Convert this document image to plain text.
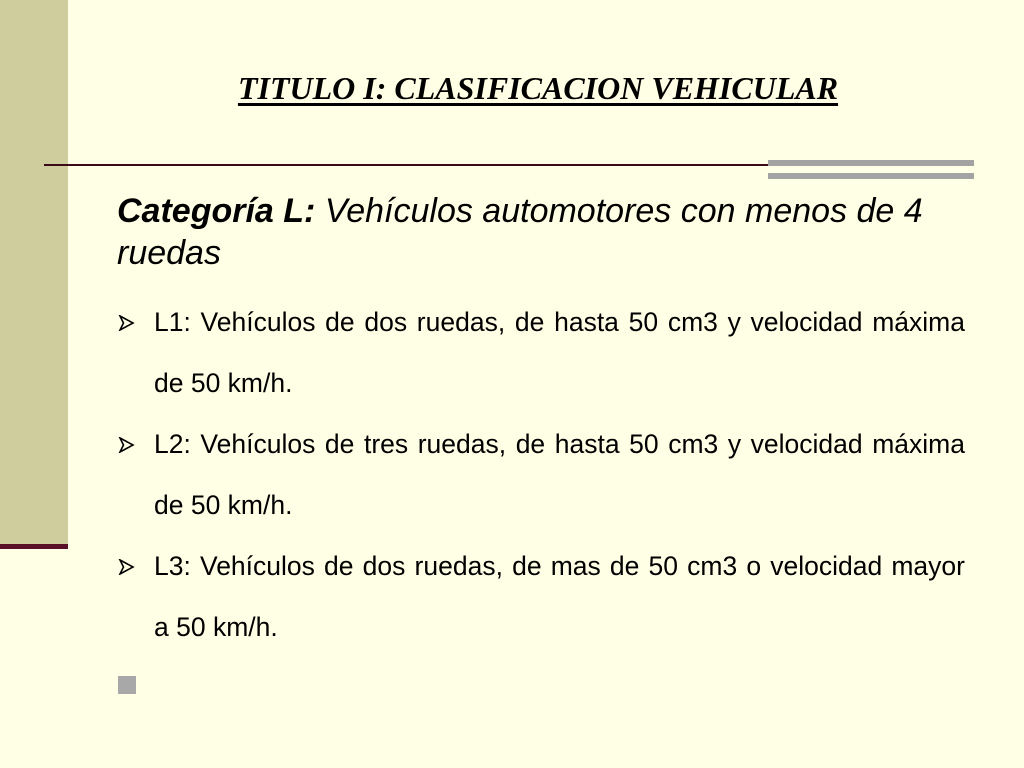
TITULO I: CLASIFICACION VEHICULAR

Categoría L: Vehículos automotores con menos de 4 ruedas

L1: Vehículos de dos ruedas, de hasta 50 cm3 y velocidad máxima de 50 km/h.
L2: Vehículos de tres ruedas, de hasta 50 cm3 y velocidad máxima de 50 km/h.
L3: Vehículos de dos ruedas, de mas de 50 cm3 o velocidad mayor a 50 km/h.
